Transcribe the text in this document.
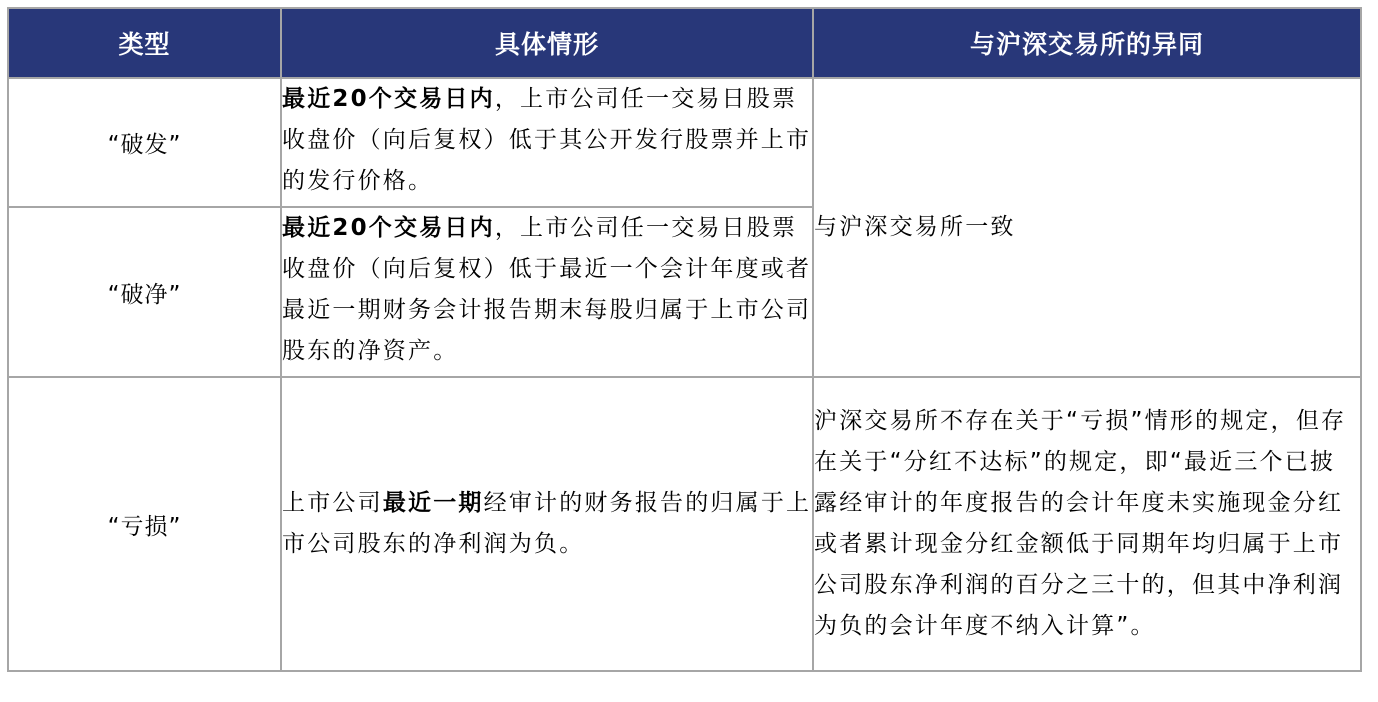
类型	具体情形	与沪深交易所的异同
“破发”	最近20个交易日内，上市公司任一交易日股票收盘价（向后复权）低于其公开发行股票并上市的发行价格。	与沪深交易所一致
“破净”	最近20个交易日内，上市公司任一交易日股票收盘价（向后复权）低于最近一个会计年度或者最近一期财务会计报告期末每股归属于上市公司股东的净资产。	
“亏损”	上市公司最近一期经审计的财务报告的归属于上市公司股东的净利润为负。	沪深交易所不存在关于“亏损”情形的规定，但存在关于“分红不达标”的规定，即“最近三个已披露经审计的年度报告的会计年度未实施现金分红或者累计现金分红金额低于同期年均归属于上市公司股东净利润的百分之三十的，但其中净利润为负的会计年度不纳入计算”。
